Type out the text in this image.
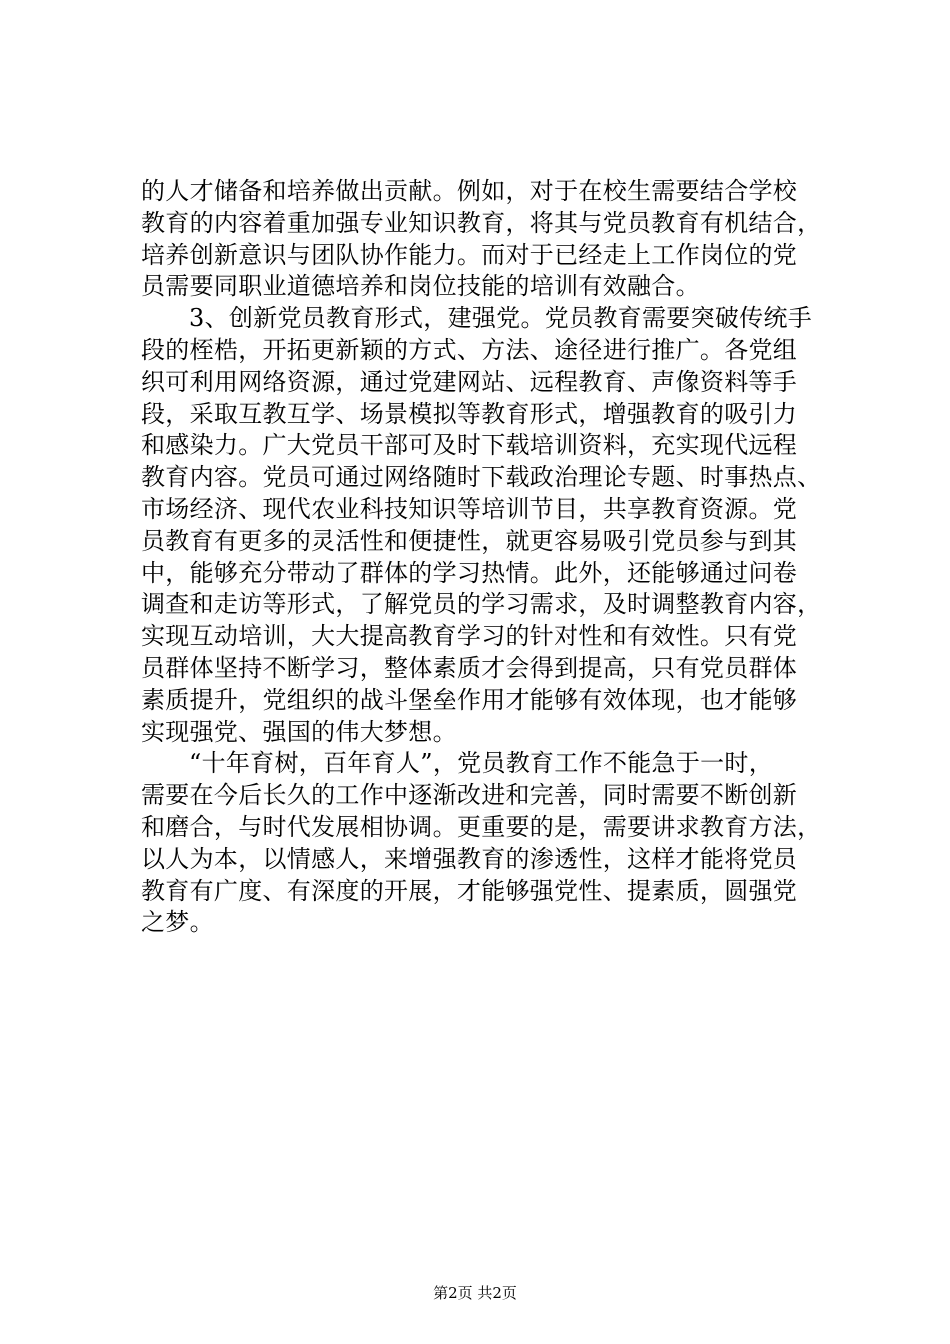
的人才储备和培养做出贡献。例如，对于在校生需要结合学校
教育的内容着重加强专业知识教育，将其与党员教育有机结合，
培养创新意识与团队协作能力。而对于已经走上工作岗位的党
员需要同职业道德培养和岗位技能的培训有效融合。
3、创新党员教育形式，建强党。党员教育需要突破传统手
段的桎梏，开拓更新颖的方式、方法、途径进行推广。各党组
织可利用网络资源，通过党建网站、远程教育、声像资料等手
段，采取互教互学、场景模拟等教育形式，增强教育的吸引力
和感染力。广大党员干部可及时下载培训资料，充实现代远程
教育内容。党员可通过网络随时下载政治理论专题、时事热点、
市场经济、现代农业科技知识等培训节目，共享教育资源。党
员教育有更多的灵活性和便捷性，就更容易吸引党员参与到其
中，能够充分带动了群体的学习热情。此外，还能够通过问卷
调查和走访等形式，了解党员的学习需求，及时调整教育内容，
实现互动培训，大大提高教育学习的针对性和有效性。只有党
员群体坚持不断学习，整体素质才会得到提高，只有党员群体
素质提升，党组织的战斗堡垒作用才能够有效体现，也才能够
实现强党、强国的伟大梦想。
“十年育树，百年育人”，党员教育工作不能急于一时，
需要在今后长久的工作中逐渐改进和完善，同时需要不断创新
和磨合，与时代发展相协调。更重要的是，需要讲求教育方法，
以人为本，以情感人，来增强教育的渗透性，这样才能将党员
教育有广度、有深度的开展，才能够强党性、提素质，圆强党
之梦。
第2页 共2页
